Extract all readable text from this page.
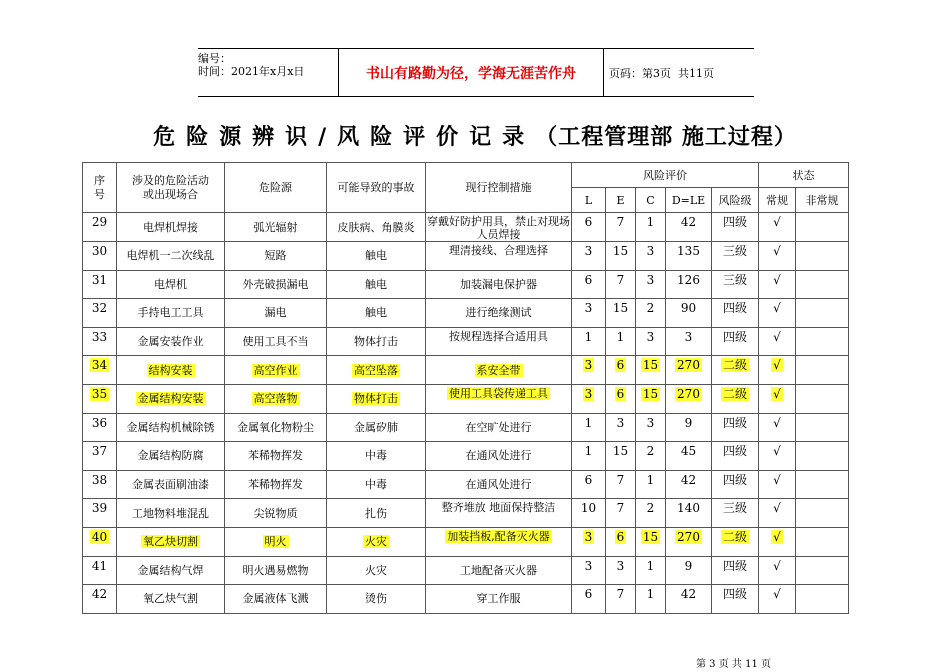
编号：
时间：2021年x月x日	书山有路勤为径，学海无涯苦作舟	页码：第3页  共11页
危险源辨识/风险评价记录（工程管理部 施工过程）
序号	涉及的危险活动或出现场合	危险源	可能导致的事故	现行控制措施	风险评价					状态	
					L	E	C	D=LE	风险级	常规	非常规
29	电焊机焊接	弧光辐射	皮肤病、角膜炎	穿戴好防护用具，禁止对现场人员焊接	6	7	1	42	四级	√	
30	电焊机一二次线乱	短路	触电	理清接线、合理选择	3	15	3	135	三级	√	
31	电焊机	外壳破损漏电	触电	加装漏电保护器	6	7	3	126	三级	√	
32	手持电工工具	漏电	触电	进行绝缘测试	3	15	2	90	四级	√	
33	金属安装作业	使用工具不当	物体打击	按规程选择合适用具	1	1	3	3	四级	√	
34	结构安装	高空作业	高空坠落	系安全带	3	6	15	270	二级	√	
35	金属结构安装	高空落物	物体打击	使用工具袋传递工具	3	6	15	270	二级	√	
36	金属结构机械除锈	金属氧化物粉尘	金属矽肺	在空旷处进行	1	3	3	9	四级	√	
37	金属结构防腐	苯稀物挥发	中毒	在通风处进行	1	15	2	45	四级	√	
38	金属表面刷油漆	苯稀物挥发	中毒	在通风处进行	6	7	1	42	四级	√	
39	工地物料堆混乱	尖锐物质	扎伤	整齐堆放 地面保持整洁	10	7	2	140	三级	√	
40	氧乙炔切割	明火	火灾	加装挡板,配备灭火器	3	6	15	270	二级	√	
41	金属结构气焊	明火遇易燃物	火灾	工地配备灭火器	3	3	1	9	四级	√	
42	氧乙炔气割	金属液体飞溅	烫伤	穿工作服	6	7	1	42	四级	√	
第 3 页 共 11 页
